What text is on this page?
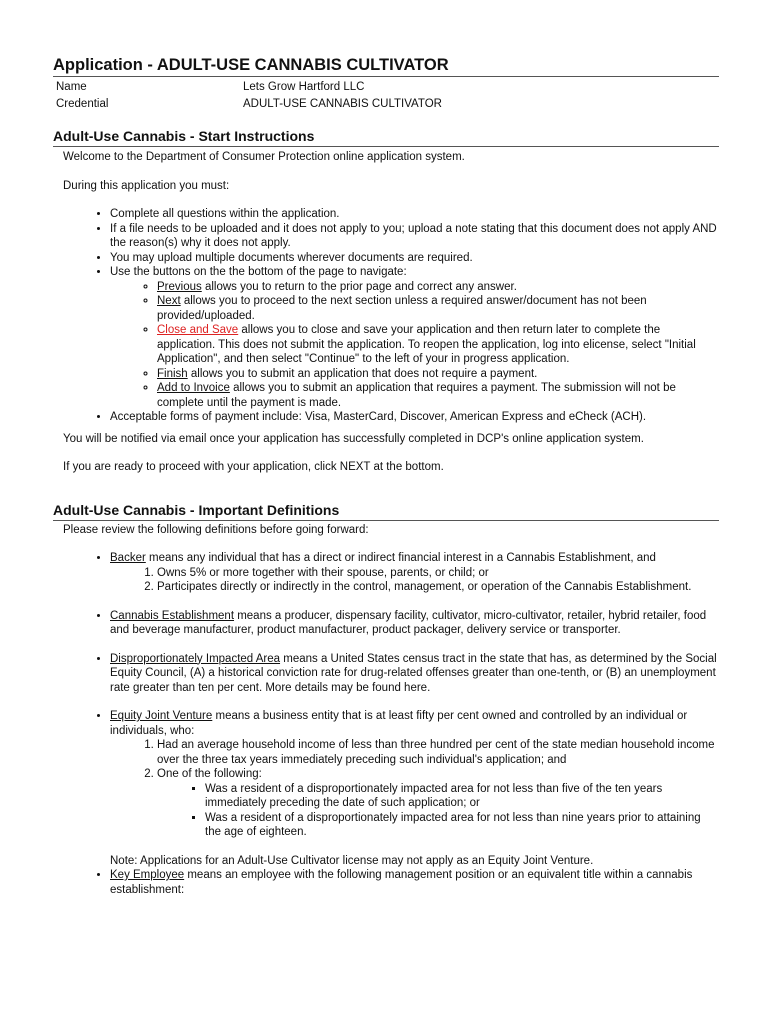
Application - ADULT-USE CANNABIS CULTIVATOR
Name	Lets Grow Hartford LLC
Credential	ADULT-USE CANNABIS CULTIVATOR
Adult-Use Cannabis - Start Instructions

Welcome to the Department of Consumer Protection online application system.

During this application you must:

• Complete all questions within the application.
• If a file needs to be uploaded and it does not apply to you; upload a note stating that this document does not apply AND the reason(s) why it does not apply.
• You may upload multiple documents wherever documents are required.
• Use the buttons on the the bottom of the page to navigate:
◦ Previous allows you to return to the prior page and correct any answer.
◦ Next allows you to proceed to the next section unless a required answer/document has not been provided/uploaded.
◦ Close and Save allows you to close and save your application and then return later to complete the application. This does not submit the application. To reopen the application, log into elicense, select "Initial Application", and then select "Continue" to the left of your in progress application.
◦ Finish allows you to submit an application that does not require a payment.
◦ Add to Invoice allows you to submit an application that requires a payment. The submission will not be complete until the payment is made.
• Acceptable forms of payment include: Visa, MasterCard, Discover, American Express and eCheck (ACH).

You will be notified via email once your application has successfully completed in DCP's online application system.

If you are ready to proceed with your application, click NEXT at the bottom.

Adult-Use Cannabis - Important Definitions

Please review the following definitions before going forward:

• Backer means any individual that has a direct or indirect financial interest in a Cannabis Establishment, and
1. Owns 5% or more together with their spouse, parents, or child; or
2. Participates directly or indirectly in the control, management, or operation of the Cannabis Establishment.
• Cannabis Establishment means a producer, dispensary facility, cultivator, micro-cultivator, retailer, hybrid retailer, food and beverage manufacturer, product manufacturer, product packager, delivery service or transporter.
• Disproportionately Impacted Area means a United States census tract in the state that has, as determined by the Social Equity Council, (A) a historical conviction rate for drug-related offenses greater than one-tenth, or (B) an unemployment rate greater than ten per cent. More details may be found here.
• Equity Joint Venture means a business entity that is at least fifty per cent owned and controlled by an individual or individuals, who:
1. Had an average household income of less than three hundred per cent of the state median household income over the three tax years immediately preceding such individual's application; and
2. One of the following:
▪ Was a resident of a disproportionately impacted area for not less than five of the ten years immediately preceding the date of such application; or
▪ Was a resident of a disproportionately impacted area for not less than nine years prior to attaining the age of eighteen.

Note: Applications for an Adult-Use Cultivator license may not apply as an Equity Joint Venture.

• Key Employee means an employee with the following management position or an equivalent title within a cannabis establishment:
